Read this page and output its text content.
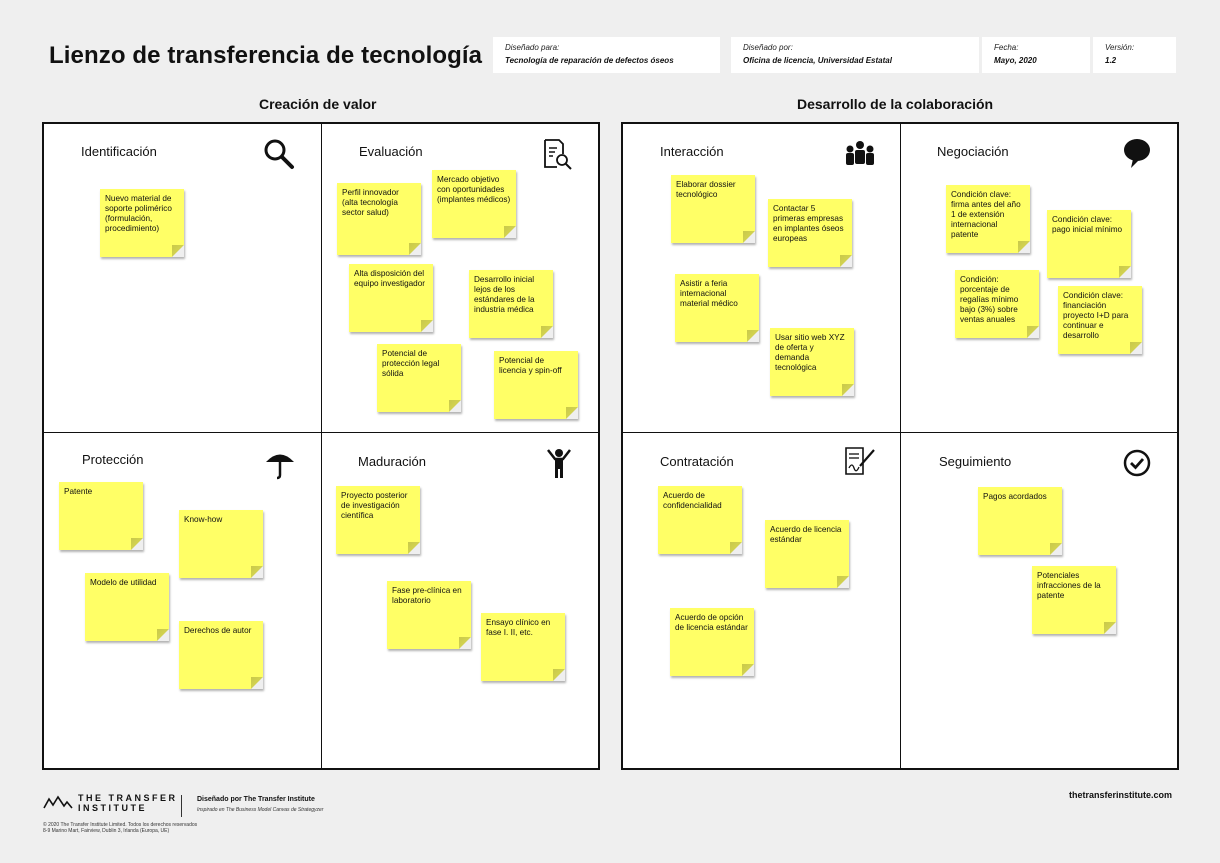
Lienzo de transferencia de tecnología	Diseñado para:
Tecnología de reparación de defectos óseos
Diseñado por:
Oficina de licencia, Universidad Estatal
Fecha:
Mayo, 2020
Versión:
1.2
Creación de valor	Desarrollo de la colaboración
Identificación
Nuevo material de soporte polimérico (formulación, procedimiento)
Evaluación
Perfil innovador (alta tecnología sector salud)
Mercado objetivo con oportunidades (implantes médicos)
Alta disposición del equipo investigador	Desarrollo inicial lejos de los estándares de la industria médica
Potencial de protección legal sólida
Potencial de licencia y spin-off
Protección
Patente
Know-how
Modelo de utilidad
Derechos de autor
Maduración
Proyecto posterior de investigación científica
Fase pre-clínica en laboratorio
Ensayo clínico en fase I. II, etc.
Interacción
Elaborar dossier tecnológico
Contactar 5 primeras empresas en implantes óseos europeas
Asistir a feria internacional material médico
Usar sitio web XYZ de oferta y demanda tecnológica
Negociación
Condición clave: firma antes del año 1 de extensión internacional patente
Condición clave: pago inicial mínimo
Condición: porcentaje de regalías mínimo bajo (3%) sobre ventas anuales
Condición clave: financiación proyecto I+D para continuar e desarrollo
Contratación
Acuerdo de confidencialidad
Acuerdo de licencia estándar
Acuerdo de opción de licencia estándar
Seguimiento
Pagos acordados
Potenciales infracciones de la patente
THE TRANSFER
INSTITUTE
Diseñado por The Transfer Institute
Inspirado en The Business Model Canvas de Strategyzer
© 2020 The Transfer Institute Limited. Todos los derechos reservados
8-9 Marino Mart, Fairview, Dublin 3, Irlanda (Europa, UE)
thetransferinstitute.com
